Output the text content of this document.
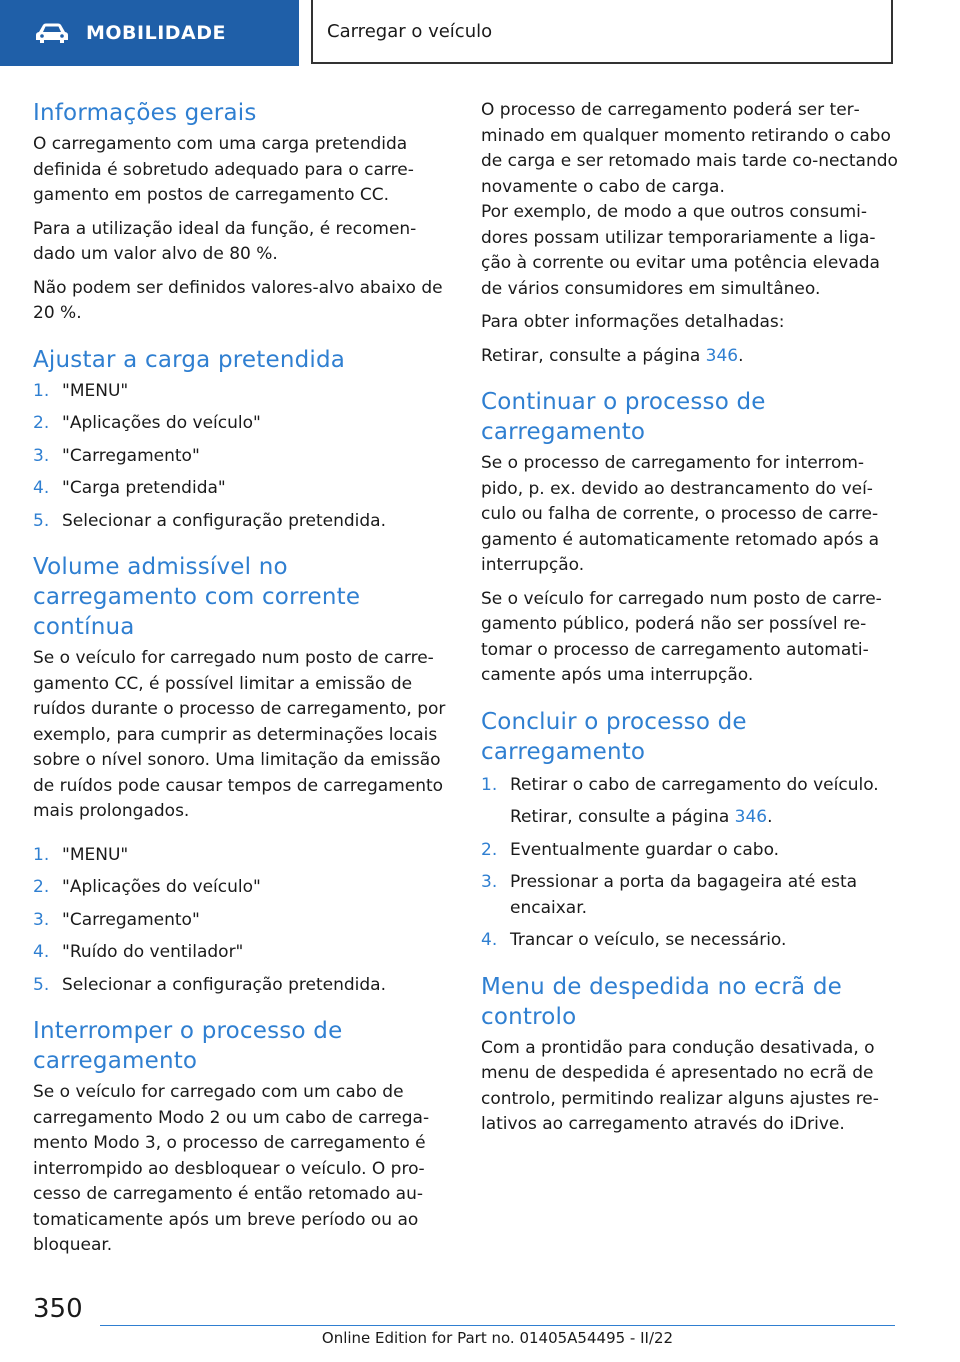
MOBILIDADE	Carregar o veículo
Informações gerais

O carregamento com uma carga pretendida definida é sobretudo adequado para o carre‐gamento em postos de carregamento CC.

Para a utilização ideal da função, é recomen‐dado um valor alvo de 80 %.

Não podem ser definidos valores-alvo abaixo de 20 %.

Ajustar a carga pretendida
1. "MENU"
2. "Aplicações do veículo"
3. "Carregamento"
4. "Carga pretendida"
5. Selecionar a configuração pretendida.
Volume admissível no carregamento com corrente contínua

Se o veículo for carregado num posto de carre‐gamento CC, é possível limitar a emissão de ruídos durante o processo de carregamento, por exemplo, para cumprir as determinações locais sobre o nível sonoro. Uma limitação da emissão de ruídos pode causar tempos de carregamento mais prolongados.

1. "MENU"
2. "Aplicações do veículo"
3. "Carregamento"
4. "Ruído do ventilador"
5. Selecionar a configuração pretendida.
Interromper o processo de carregamento

Se o veículo for carregado com um cabo de carregamento Modo 2 ou um cabo de carrega‐mento Modo 3, o processo de carregamento é interrompido ao desbloquear o veículo. O pro‐cesso de carregamento é então retomado au‐tomaticamente após um breve período ou ao bloquear.

O processo de carregamento poderá ser ter‐minado em qualquer momento retirando o cabo de carga e ser retomado mais tarde co‐nectando novamente o cabo de carga.

Por exemplo, de modo a que outros consumi‐dores possam utilizar temporariamente a liga‐ção à corrente ou evitar uma potência elevada de vários consumidores em simultâneo.

Para obter informações detalhadas:

Retirar, consulte a página 346.

Continuar o processo de carregamento

Se o processo de carregamento for interrom‐pido, p. ex. devido ao destrancamento do veí‐culo ou falha de corrente, o processo de carre‐gamento é automaticamente retomado após a interrupção.

Se o veículo for carregado num posto de carre‐gamento público, poderá não ser possível re‐tomar o processo de carregamento automati‐camente após uma interrupção.

Concluir o processo de carregamento
1. Retirar o cabo de carregamento do veículo.
Retirar, consulte a página 346.
2. Eventualmente guardar o cabo.
3. Pressionar a porta da bagageira até esta encaixar.
4. Trancar o veículo, se necessário.
Menu de despedida no ecrã de controlo

Com a prontidão para condução desativada, o menu de despedida é apresentado no ecrã de controlo, permitindo realizar alguns ajustes re‐lativos ao carregamento através do iDrive.

350
Online Edition for Part no. 01405A54495 - II/22
